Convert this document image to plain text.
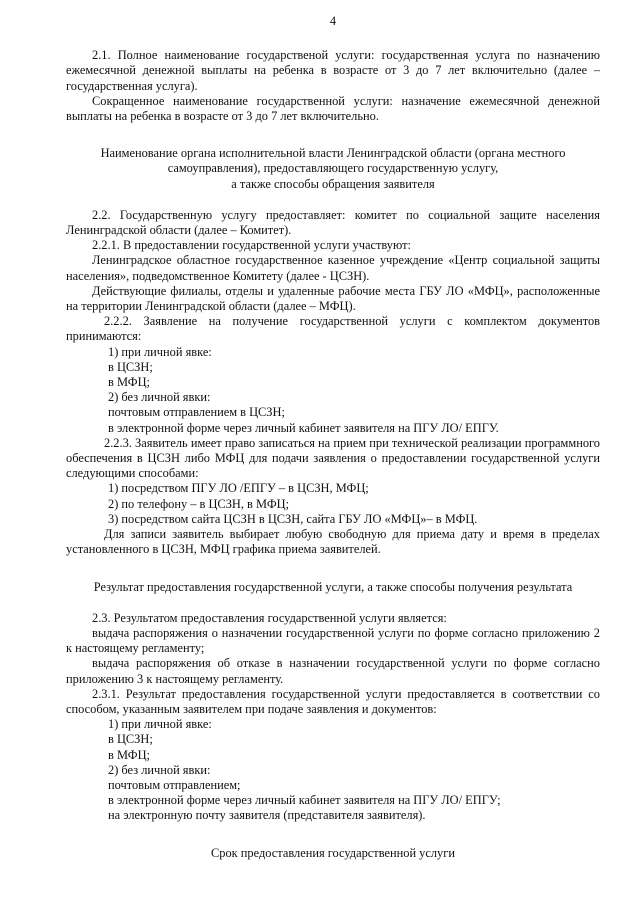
4

2.1. Полное наименование государственой услуги: государственная услуга по назначению ежемесячной денежной выплаты на ребенка в возрасте от 3 до 7 лет включительно (далее – государственная услуга).

Сокращенное наименование государственной услуги: назначение ежемесячной денежной выплаты на ребенка в возрасте от 3 до 7 лет включительно.

Наименование органа исполнительной власти Ленинградской области (органа местного

самоуправления), предоставляющего государственную услугу,

а также способы обращения заявителя

2.2. Государственную услугу предоставляет: комитет по социальной защите населения Ленинградской области (далее – Комитет).

2.2.1. В предоставлении государственной услуги участвуют:

Ленинградское областное государственное казенное учреждение «Центр социальной защиты населения», подведомственное Комитету (далее - ЦСЗН).

Действующие филиалы, отделы и удаленные рабочие места ГБУ ЛО «МФЦ», расположенные на территории Ленинградской области (далее – МФЦ).

2.2.2. Заявление на получение государственной услуги с комплектом документов принимаются:

1) при личной явке:

в ЦСЗН;

в МФЦ;

2) без личной явки:

почтовым отправлением в ЦСЗН;

в электронной форме через личный кабинет заявителя на ПГУ ЛО/ ЕПГУ.

2.2.3. Заявитель имеет право записаться на прием при технической реализации программного обеспечения в ЦСЗН либо МФЦ для подачи заявления о предоставлении государственной услуги следующими способами:

1) посредством ПГУ ЛО /ЕПГУ – в ЦСЗН, МФЦ;

2) по телефону – в ЦСЗН, в МФЦ;

3) посредством сайта ЦСЗН в ЦСЗН, сайта ГБУ ЛО «МФЦ»– в МФЦ.

Для записи заявитель выбирает любую свободную для приема дату и время в пределах установленного в ЦСЗН, МФЦ графика приема заявителей.

Результат предоставления государственной услуги, а также способы получения результата

2.3. Результатом предоставления государственной услуги является:

выдача распоряжения о назначении государственной услуги по форме согласно приложению 2 к настоящему регламенту;

выдача распоряжения об отказе в назначении государственной услуги по форме согласно приложению 3 к настоящему регламенту.

2.3.1. Результат предоставления государственной услуги предоставляется в соответствии со способом, указанным заявителем при подаче заявления и документов:

1) при личной явке:

в ЦСЗН;

в МФЦ;

2) без личной явки:

почтовым отправлением;

в электронной форме через личный кабинет заявителя на ПГУ ЛО/ ЕПГУ;

на электронную почту заявителя (представителя заявителя).

Срок предоставления государственной услуги
